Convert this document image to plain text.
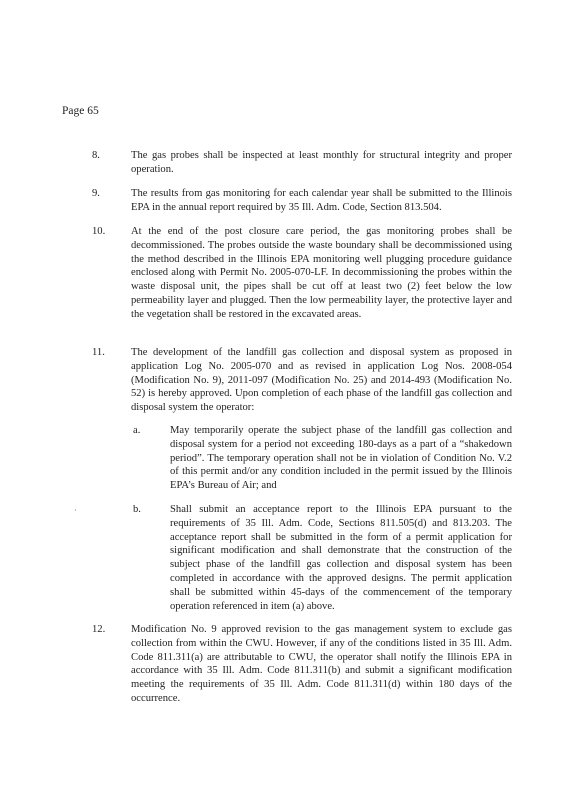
Page 65
8.	The gas probes shall be inspected at least monthly for structural integrity and proper operation.
9.	The results from gas monitoring for each calendar year shall be submitted to the Illinois EPA in the annual report required by 35 Ill. Adm. Code, Section 813.504.
10.	At the end of the post closure care period, the gas monitoring probes shall be decommissioned. The probes outside the waste boundary shall be decommissioned using the method described in the Illinois EPA monitoring well plugging procedure guidance enclosed along with Permit No. 2005-070-LF. In decommissioning the probes within the waste disposal unit, the pipes shall be cut off at least two (2) feet below the low permeability layer and plugged. Then the low permeability layer, the protective layer and the vegetation shall be restored in the excavated areas.
11.	The development of the landfill gas collection and disposal system as proposed in application Log No. 2005-070 and as revised in application Log Nos. 2008-054 (Modification No. 9), 2011-097 (Modification No. 25) and 2014-493 (Modification No. 52) is hereby approved. Upon completion of each phase of the landfill gas collection and disposal system the operator:
a.	May temporarily operate the subject phase of the landfill gas collection and disposal system for a period not exceeding 180-days as a part of a “shakedown period”. The temporary operation shall not be in violation of Condition No. V.2 of this permit and/or any condition included in the permit issued by the Illinois EPA’s Bureau of Air; and
·	b.	Shall submit an acceptance report to the Illinois EPA pursuant to the requirements of 35 Ill. Adm. Code, Sections 811.505(d) and 813.203. The acceptance report shall be submitted in the form of a permit application for significant modification and shall demonstrate that the construction of the subject phase of the landfill gas collection and disposal system has been completed in accordance with the approved designs. The permit application shall be submitted within 45-days of the commencement of the temporary operation referenced in item (a) above.
12.	Modification No. 9 approved revision to the gas management system to exclude gas collection from within the CWU. However, if any of the conditions listed in 35 Ill. Adm. Code 811.311(a) are attributable to CWU, the operator shall notify the Illinois EPA in accordance with 35 Ill. Adm. Code 811.311(b) and submit a significant modification meeting the requirements of 35 Ill. Adm. Code 811.311(d) within 180 days of the occurrence.
